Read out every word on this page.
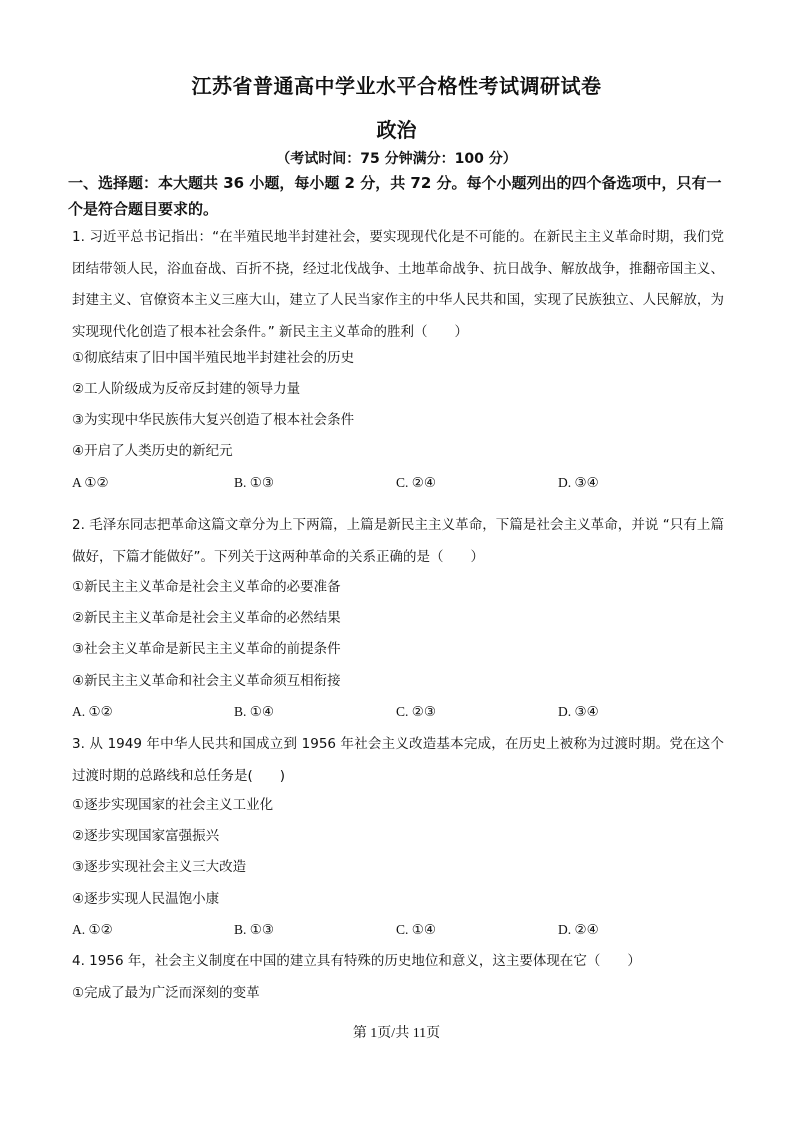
江苏省普通高中学业水平合格性考试调研试卷
政治
（考试时间：75 分钟满分：100 分）
一、选择题：本大题共 36 小题，每小题 2 分，共 72 分。每个小题列出的四个备选项中，只有一个是符合题目要求的。
1. 习近平总书记指出：“在半殖民地半封建社会，要实现现代化是不可能的。在新民主主义革命时期，我们党团结带领人民，浴血奋战、百折不挠，经过北伐战争、土地革命战争、抗日战争、解放战争，推翻帝国主义、封建主义、官僚资本主义三座大山，建立了人民当家作主的中华人民共和国，实现了民族独立、人民解放，为实现现代化创造了根本社会条件。” 新民主主义革命的胜利（　　）
①彻底结束了旧中国半殖民地半封建社会的历史
②工人阶级成为反帝反封建的领导力量
③为实现中华民族伟大复兴创造了根本社会条件
④开启了人类历史的新纪元
A ①②	B. ①③	C. ②④	D. ③④
2. 毛泽东同志把革命这篇文章分为上下两篇，上篇是新民主主义革命，下篇是社会主义革命，并说 “只有上篇做好，下篇才能做好”。下列关于这两种革命的关系正确的是（　　）
①新民主主义革命是社会主义革命的必要准备
②新民主主义革命是社会主义革命的必然结果
③社会主义革命是新民主主义革命的前提条件
④新民主主义革命和社会主义革命须互相衔接
A. ①②	B. ①④	C. ②③	D. ③④
3. 从 1949 年中华人民共和国成立到 1956 年社会主义改造基本完成，在历史上被称为过渡时期。党在这个过渡时期的总路线和总任务是(　　)
①逐步实现国家的社会主义工业化
②逐步实现国家富强振兴
③逐步实现社会主义三大改造
④逐步实现人民温饱小康
A. ①②	B. ①③	C. ①④	D. ②④
4. 1956 年，社会主义制度在中国的建立具有特殊的历史地位和意义，这主要体现在它（　　）
①完成了最为广泛而深刻的变革
第 1页/共 11页
